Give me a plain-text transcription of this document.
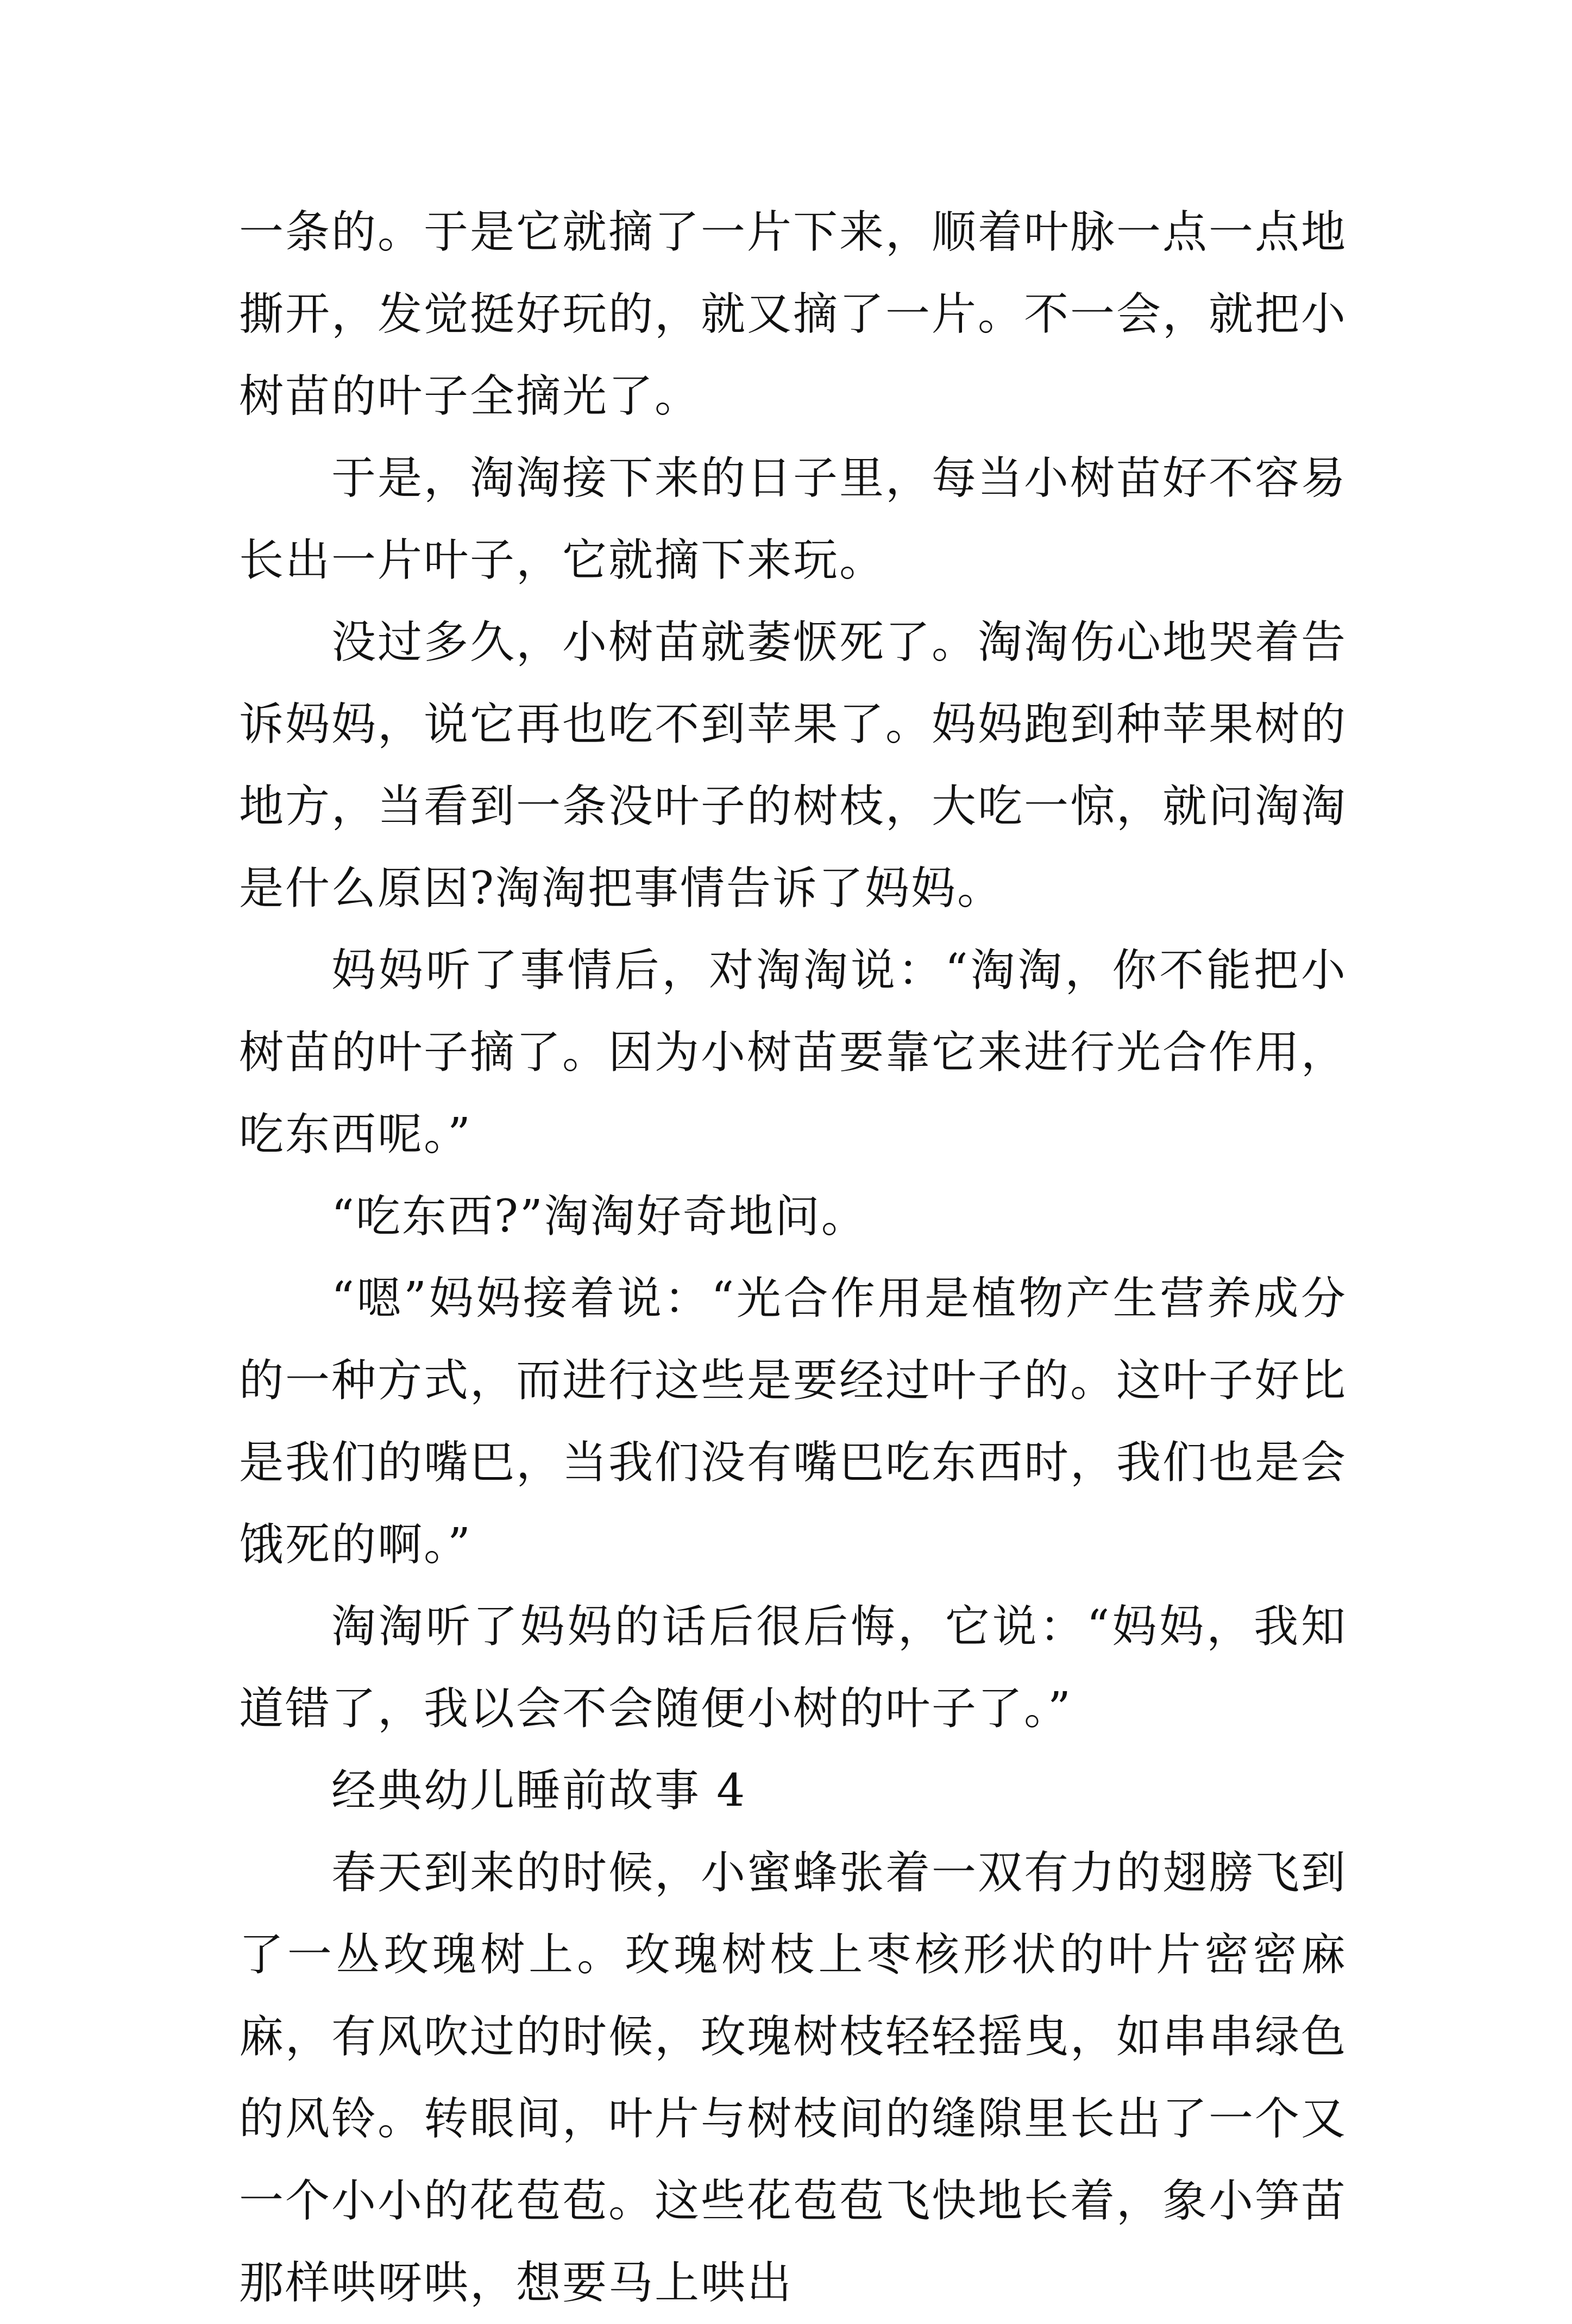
一条的。于是它就摘了一片下来，顺着叶脉一点一点地撕开，发觉挺好玩的，就又摘了一片。不一会，就把小树苗的叶子全摘光了。

于是，淘淘接下来的日子里，每当小树苗好不容易长出一片叶子，它就摘下来玩。

没过多久，小树苗就萎恹死了。淘淘伤心地哭着告诉妈妈，说它再也吃不到苹果了。妈妈跑到种苹果树的地方，当看到一条没叶子的树枝，大吃一惊，就问淘淘是什么原因?淘淘把事情告诉了妈妈。

妈妈听了事情后，对淘淘说：“淘淘，你不能把小树苗的叶子摘了。因为小树苗要靠它来进行光合作用，吃东西呢。”

“吃东西?”淘淘好奇地问。

“嗯”妈妈接着说：“光合作用是植物产生营养成分的一种方式，而进行这些是要经过叶子的。这叶子好比是我们的嘴巴，当我们没有嘴巴吃东西时，我们也是会饿死的啊。”

淘淘听了妈妈的话后很后悔，它说：“妈妈，我知道错了，我以会不会随便小树的叶子了。”

经典幼儿睡前故事 4

春天到来的时候，小蜜蜂张着一双有力的翅膀飞到了一丛玫瑰树上。玫瑰树枝上枣核形状的叶片密密麻麻，有风吹过的时候，玫瑰树枝轻轻摇曳，如串串绿色的风铃。转眼间，叶片与树枝间的缝隙里长出了一个又一个小小的花苞苞。这些花苞苞飞快地长着，象小笋苗那样哄呀哄，想要马上哄出
